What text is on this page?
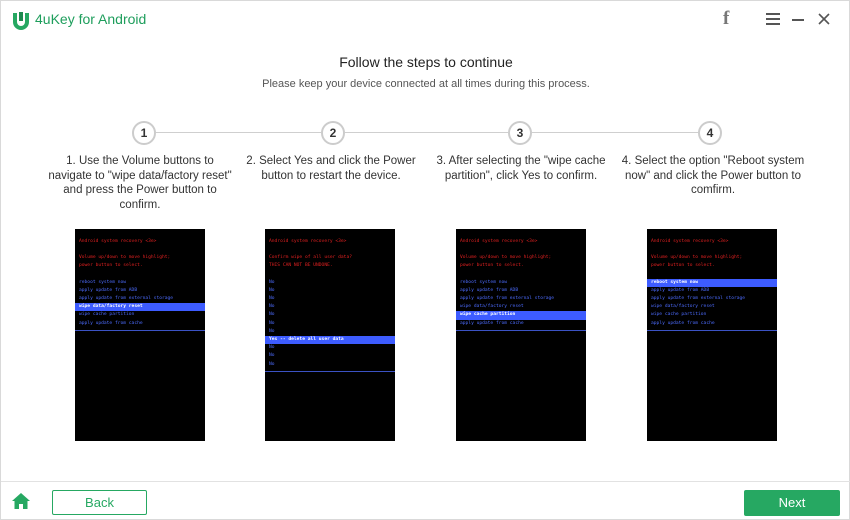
4uKey for Android	f
Follow the steps to continue
Please keep your device connected at all times during this process.
1	2	3	4
1. Use the Volume buttons to navigate to "wipe data/factory reset" and press the Power button to confirm.
2. Select Yes and click the Power button to restart the device.
3. After selecting the "wipe cache partition", click Yes to confirm.
4. Select the option "Reboot system now" and click the Power button to comfirm.
Android system recovery <3e>
Volume up/down to move highlight;
power button to select.
reboot system now
apply update from ADB
apply update from external storage
wipe data/factory reset
wipe cache partition
apply update from cache
Android system recovery <3e>
Confirm wipe of all user data?
THIS CAN NOT BE UNDONE.
No
No
No
No
No
No
No
Yes -- delete all user data
No
No
No
Android system recovery <3e>
Volume up/down to move highlight;
power button to select.
reboot system now
apply update from ADB
apply update from external storage
wipe data/factory reset
wipe cache partition
apply update from cache
Android system recovery <3e>
Volume up/down to move highlight;
power button to select.
reboot system now
apply update from ADB
apply update from external storage
wipe data/factory reset
wipe cache partition
apply update from cache
Back	Next
